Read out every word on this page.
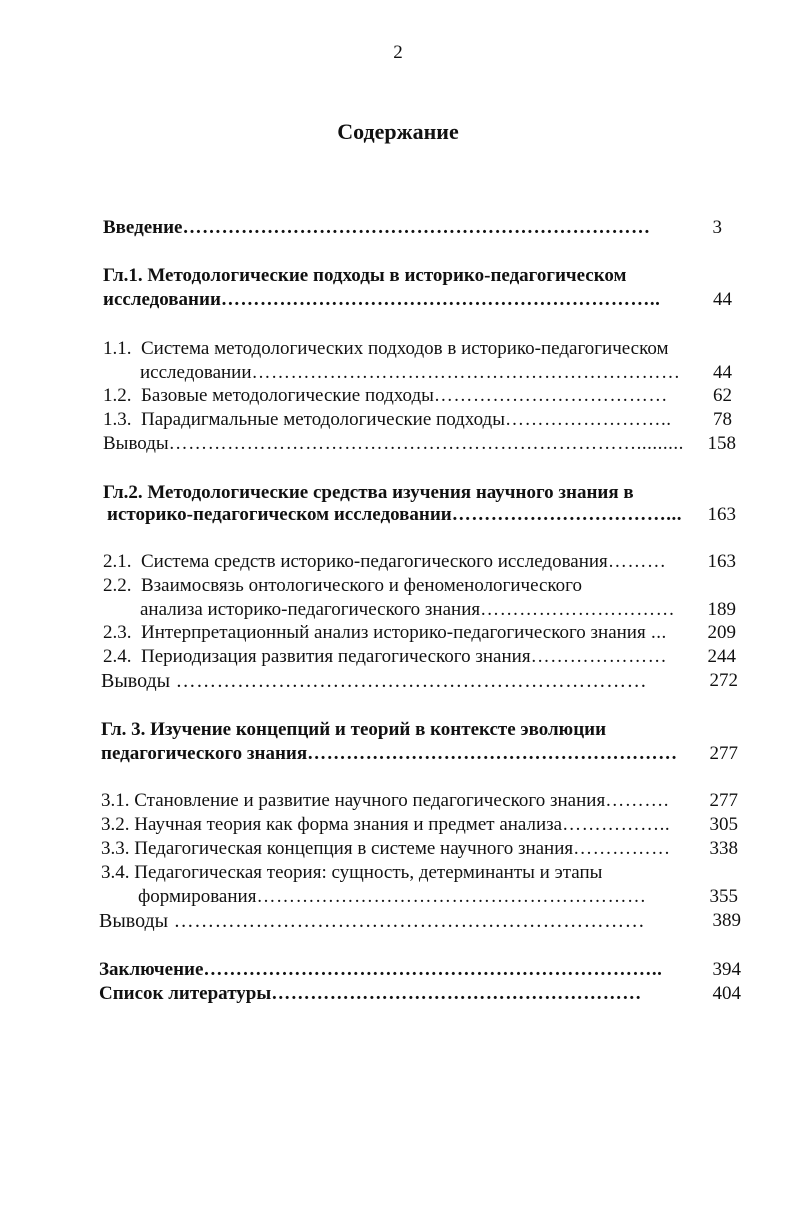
2
Содержание
Введение………………………………………………………………	3
Гл.1. Методологические подходы в историко-педагогическом
исследовании…………………………………………………………..	44
1.1. Система методологических подходов в историко-педагогическом
исследовании…………………………………………………………	44
1.2. Базовые методологические подходы………………………………	62
1.3. Парадигмальные методологические подходы……………………..	78
Выводы……………………………………………………………….........	158
Гл.2. Методологические средства изучения научного знания в
историко-педагогическом исследовании……………………………...	163
2.1. Система средств историко-педагогического исследования………	163
2.2. Взаимосвязь онтологического и феноменологического
анализа историко-педагогического знания…………………………	189
2.3. Интерпретационный анализ историко-педагогического знания ...	209
2.4. Периодизация развития педагогического знания…………………	244
Выводы ……………………………………………………………	272
Гл. 3. Изучение концепций и теорий в контексте эволюции
педагогического знания…………………………………………………	277
3.1. Становление и развитие научного педагогического знания……….	277
3.2. Научная теория как форма знания и предмет анализа……………..	305
3.3. Педагогическая концепция в системе научного знания……………	338
3.4. Педагогическая теория: сущность, детерминанты и этапы
формирования……………………………………………………	355
Выводы ……………………………………………………………	389
Заключение……………………………………………………………..	394
Список литературы…………………………………………………	404
